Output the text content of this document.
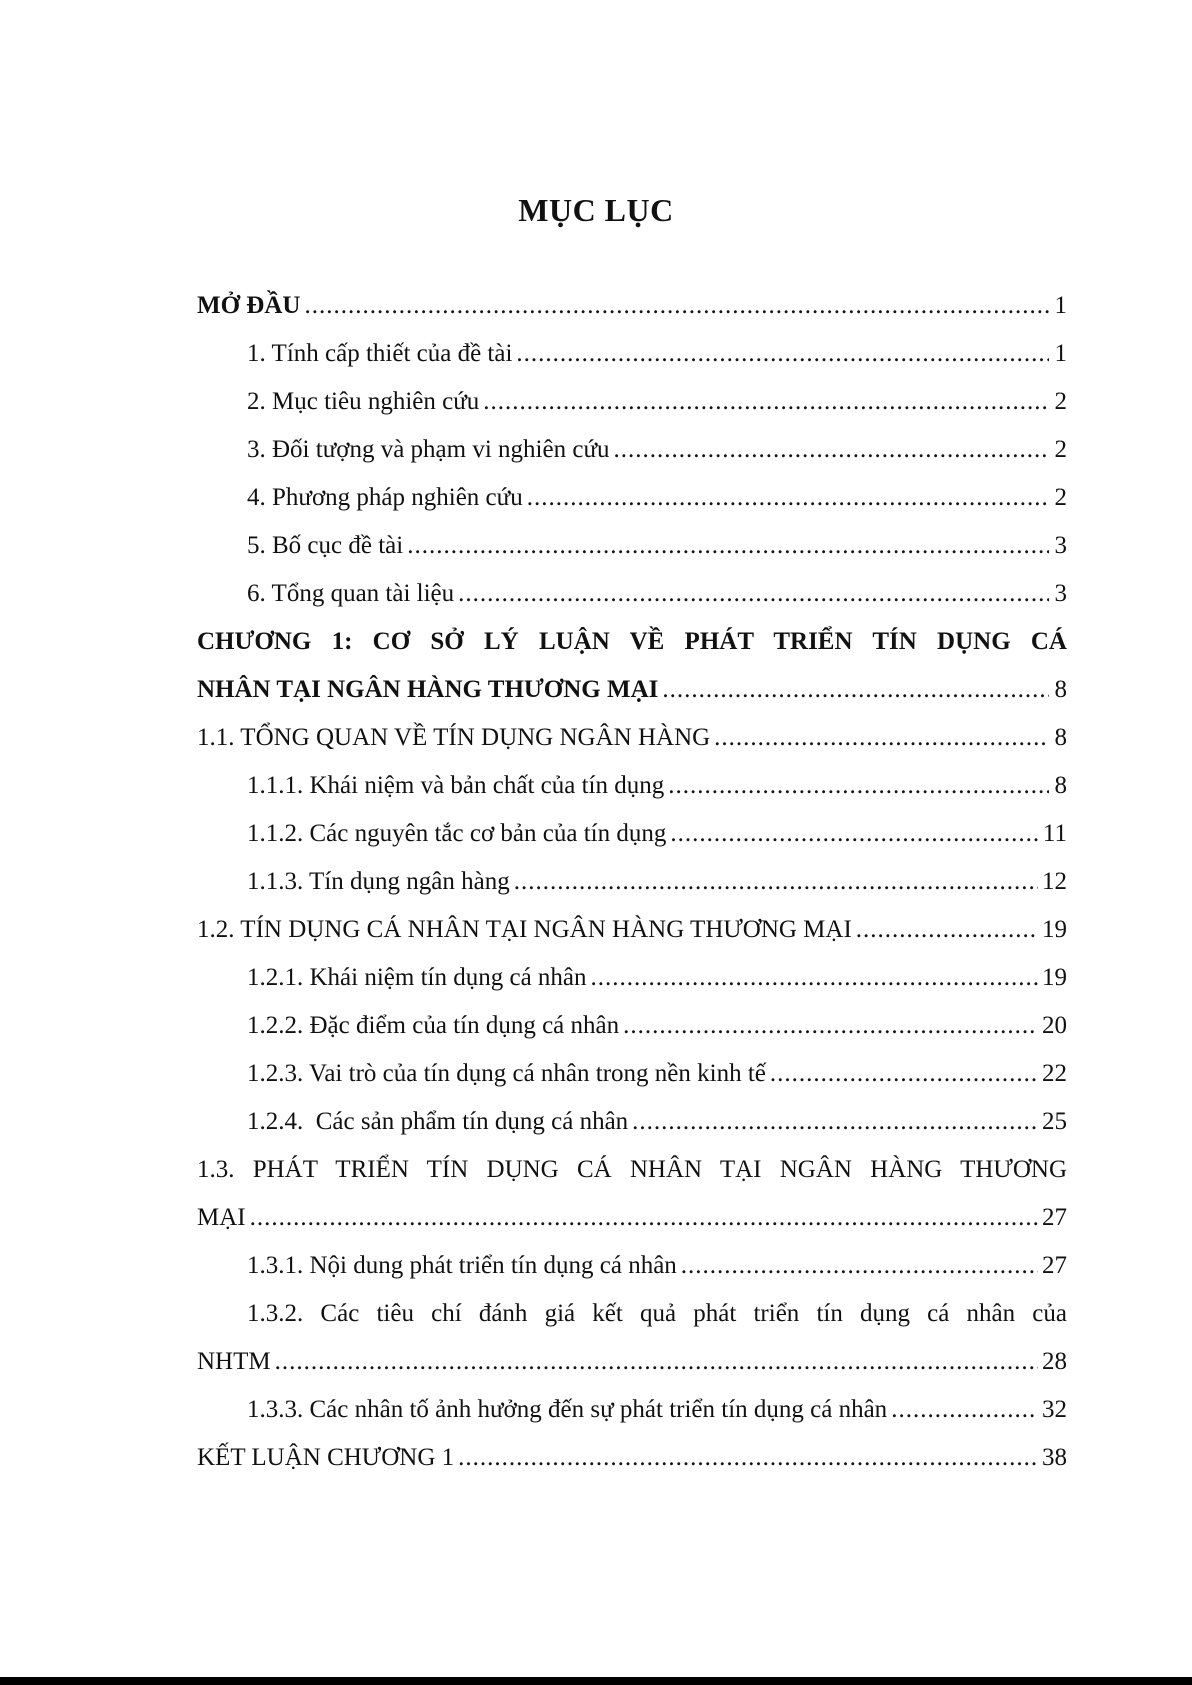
MỤC LỤC
MỞ ĐẦU .....	1
1. Tính cấp thiết của đề tài .....	1
2. Mục tiêu nghiên cứu .....	2
3. Đối tượng và phạm vi nghiên cứu .....	2
4. Phương pháp nghiên cứu .....	2
5. Bố cục đề tài .....	3
6. Tổng quan tài liệu .....	3
CHƯƠNG 1: CƠ SỞ LÝ LUẬN VỀ PHÁT TRIỂN TÍN DỤNG CÁ
NHÂN TẠI NGÂN HÀNG THƯƠNG MẠI .....	8
1.1. TỔNG QUAN VỀ TÍN DỤNG NGÂN HÀNG .....	8
1.1.1. Khái niệm và bản chất của tín dụng .....	8
1.1.2. Các nguyên tắc cơ bản của tín dụng .....	11
1.1.3. Tín dụng ngân hàng .....	12
1.2. TÍN DỤNG CÁ NHÂN TẠI NGÂN HÀNG THƯƠNG MẠI .....	19
1.2.1. Khái niệm tín dụng cá nhân .....	19
1.2.2. Đặc điểm của tín dụng cá nhân .....	20
1.2.3. Vai trò của tín dụng cá nhân trong nền kinh tế .....	22
1.2.4.  Các sản phẩm tín dụng cá nhân .....	25
1.3. PHÁT TRIỂN TÍN DỤNG CÁ NHÂN TẠI NGÂN HÀNG THƯƠNG
MẠI .....	27
1.3.1. Nội dung phát triển tín dụng cá nhân .....	27
1.3.2. Các tiêu chí đánh giá kết quả phát triển tín dụng cá nhân của
NHTM .....	28
1.3.3. Các nhân tố ảnh hưởng đến sự phát triển tín dụng cá nhân .....	32
KẾT LUẬN CHƯƠNG 1 .....	38
